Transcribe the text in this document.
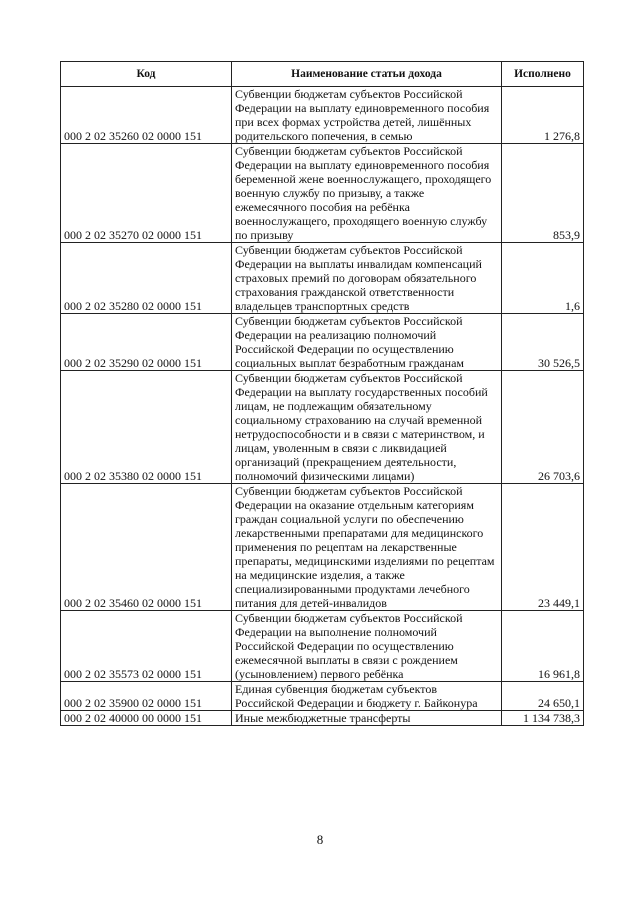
Код	Наименование статьи дохода	Исполнено
000 2 02 35260 02 0000 151	Субвенции бюджетам субъектов Российской Федерации на выплату единовременного пособия при всех формах устройства детей, лишённых родительского попечения, в семью	1 276,8
000 2 02 35270 02 0000 151	Субвенции бюджетам субъектов Российской Федерации на выплату единовременного пособия беременной жене военнослужащего, проходящего военную службу по призыву, а также ежемесячного пособия на ребёнка военнослужащего, проходящего военную службу по призыву	853,9
000 2 02 35280 02 0000 151	Субвенции бюджетам субъектов Российской Федерации на выплаты инвалидам компенсаций страховых премий по договорам обязательного страхования гражданской ответственности владельцев транспортных средств	1,6
000 2 02 35290 02 0000 151	Субвенции бюджетам субъектов Российской Федерации на реализацию полномочий Российской Федерации по осуществлению социальных выплат безработным гражданам	30 526,5
000 2 02 35380 02 0000 151	Субвенции бюджетам субъектов Российской Федерации на выплату государственных пособий лицам, не подлежащим обязательному социальному страхованию на случай временной нетрудоспособности и в связи с материнством, и лицам, уволенным в связи с ликвидацией организаций (прекращением деятельности, полномочий физическими лицами)	26 703,6
000 2 02 35460 02 0000 151	Субвенции бюджетам субъектов Российской Федерации на оказание отдельным категориям граждан социальной услуги по обеспечению лекарственными препаратами для медицинского применения по рецептам на лекарственные препараты, медицинскими изделиями по рецептам на медицинские изделия, а также специализированными продуктами лечебного питания для детей-инвалидов	23 449,1
000 2 02 35573 02 0000 151	Субвенции бюджетам субъектов Российской Федерации на выполнение полномочий Российской Федерации по осуществлению ежемесячной выплаты в связи с рождением (усыновлением) первого ребёнка	16 961,8
000 2 02 35900 02 0000 151	Единая субвенция бюджетам субъектов Российской Федерации и бюджету г. Байконура	24 650,1
000 2 02 40000 00 0000 151	Иные межбюджетные трансферты	1 134 738,3
8
